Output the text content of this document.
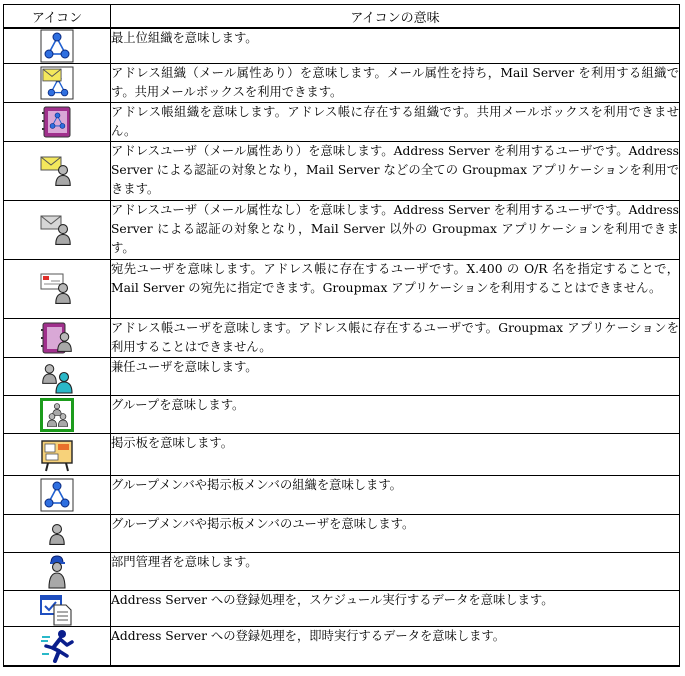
アイコン	アイコンの意味

	最上位組織を意味します。

	アドレス組織（メール属性あり）を意味します。メール属性を持ち，Mail Server を利用する組織です。共用メールボックスを利用できます。

	アドレス帳組織を意味します。アドレス帳に存在する組織です。共用メールボックスを利用できません。

	アドレスユーザ（メール属性あり）を意味します。Address Server を利用するユーザです。Address Server による認証の対象となり，Mail Server などの全ての Groupmax アプリケーションを利用できます。

	アドレスユーザ（メール属性なし）を意味します。Address Server を利用するユーザです。Address Server による認証の対象となり，Mail Server 以外の Groupmax アプリケーションを利用できます。

	宛先ユーザを意味します。アドレス帳に存在するユーザです。X.400 の O/R 名を指定することで，Mail Server の宛先に指定できます。Groupmax アプリケーションを利用することはできません。

	アドレス帳ユーザを意味します。アドレス帳に存在するユーザです。Groupmax アプリケーションを利用することはできません。

	兼任ユーザを意味します。

	グループを意味します。

	掲示板を意味します。

	グループメンバや掲示板メンバの組織を意味します。

	グループメンバや掲示板メンバのユーザを意味します。

	部門管理者を意味します。

	Address Server への登録処理を，スケジュール実行するデータを意味します。

	Address Server への登録処理を，即時実行するデータを意味します。
